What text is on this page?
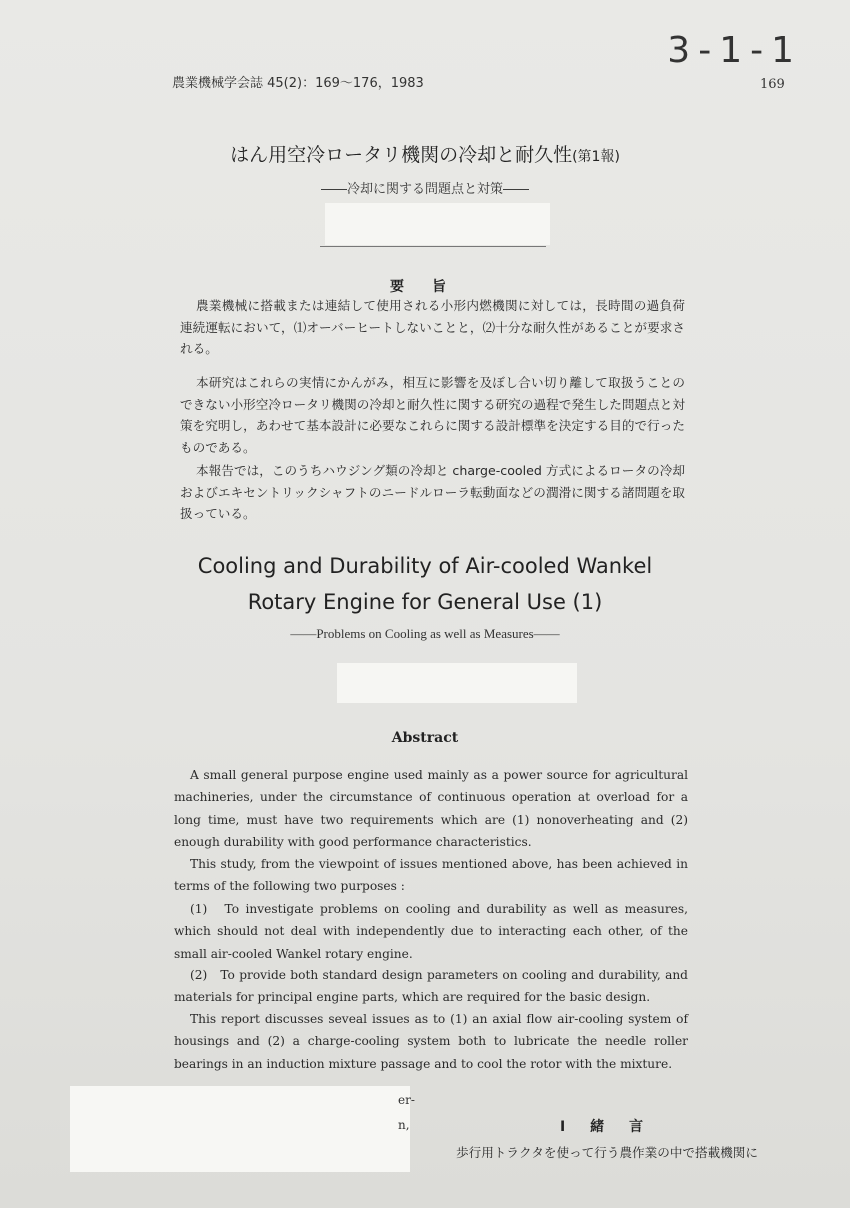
3-1-1
農業機械学会誌 45(2)：169～176，1983	169
はん用空冷ロータリ機関の冷却と耐久性(第1報)
――冷却に関する問題点と対策――
要　　旨
農業機械に搭載または連結して使用される小形内燃機関に対しては，長時間の過負荷連続運転において，⑴オーバーヒートしないことと，⑵十分な耐久性があることが要求される。
本研究はこれらの実情にかんがみ，相互に影響を及ぼし合い切り離して取扱うことのできない小形空冷ロータリ機関の冷却と耐久性に関する研究の過程で発生した問題点と対策を究明し，あわせて基本設計に必要なこれらに関する設計標準を決定する目的で行ったものである。
本報告では，このうちハウジング類の冷却と charge-cooled 方式によるロータの冷却およびエキセントリックシャフトのニードルローラ転動面などの潤滑に関する諸問題を取扱っている。
Cooling and Durability of Air-cooled Wankel
Rotary Engine for General Use (1)
――Problems on Cooling as well as Measures――
Abstract
A small general purpose engine used mainly as a power source for agricultural machineries, under the circumstance of continuous operation at overload for a long time, must have two requirements which are (1) nonoverheating and (2) enough durability with good performance characteristics.
This study, from the viewpoint of issues mentioned above, has been achieved in terms of the following two purposes :
(1)　To investigate problems on cooling and durability as well as measures, which should not deal with independently due to interacting each other, of the small air-cooled Wankel rotary engine.
(2)　To provide both standard design parameters on cooling and durability, and materials for principal engine parts, which are required for the basic design.
This report discusses seveal issues as to (1) an axial flow air-cooling system of housings and (2) a charge-cooling system both to lubricate the needle roller bearings in an induction mixture passage and to cool the rotor with the mixture.
er-
n,	Ⅰ 緒 言
歩行用トラクタを使って行う農作業の中で搭載機関に
